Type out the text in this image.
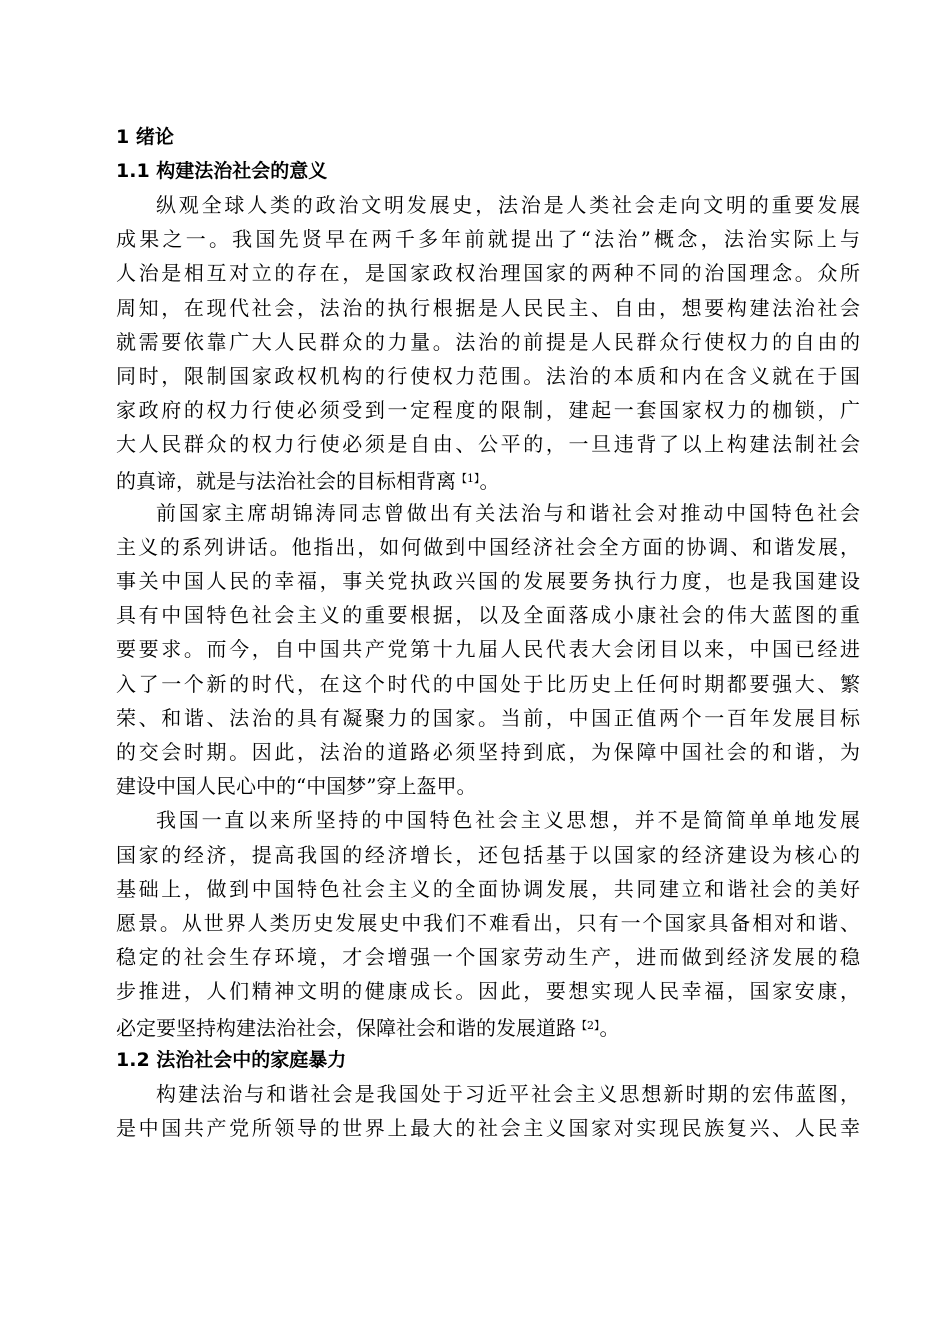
1 绪论
1.1 构建法治社会的意义
纵观全球人类的政治文明发展史，法治是人类社会走向文明的重要发展
成果之一。我国先贤早在两千多年前就提出了“法治”概念，法治实际上与
人治是相互对立的存在，是国家政权治理国家的两种不同的治国理念。众所
周知，在现代社会，法治的执行根据是人民民主、自由，想要构建法治社会
就需要依靠广大人民群众的力量。法治的前提是人民群众行使权力的自由的
同时，限制国家政权机构的行使权力范围。法治的本质和内在含义就在于国
家政府的权力行使必须受到一定程度的限制，建起一套国家权力的枷锁，广
大人民群众的权力行使必须是自由、公平的，一旦违背了以上构建法制社会
的真谛，就是与法治社会的目标相背离$^{【1】}$。
前国家主席胡锦涛同志曾做出有关法治与和谐社会对推动中国特色社会
主义的系列讲话。他指出，如何做到中国经济社会全方面的协调、和谐发展，
事关中国人民的幸福，事关党执政兴国的发展要务执行力度，也是我国建设
具有中国特色社会主义的重要根据，以及全面落成小康社会的伟大蓝图的重
要要求。而今，自中国共产党第十九届人民代表大会闭目以来，中国已经进
入了一个新的时代，在这个时代的中国处于比历史上任何时期都要强大、繁
荣、和谐、法治的具有凝聚力的国家。当前，中国正值两个一百年发展目标
的交会时期。因此，法治的道路必须坚持到底，为保障中国社会的和谐，为
建设中国人民心中的“中国梦”穿上盔甲。
我国一直以来所坚持的中国特色社会主义思想，并不是简简单单地发展
国家的经济，提高我国的经济增长，还包括基于以国家的经济建设为核心的
基础上，做到中国特色社会主义的全面协调发展，共同建立和谐社会的美好
愿景。从世界人类历史发展史中我们不难看出，只有一个国家具备相对和谐、
稳定的社会生存环境，才会增强一个国家劳动生产，进而做到经济发展的稳
步推进，人们精神文明的健康成长。因此，要想实现人民幸福，国家安康，
必定要坚持构建法治社会，保障社会和谐的发展道路$^{【2】}$。
1.2 法治社会中的家庭暴力
构建法治与和谐社会是我国处于习近平社会主义思想新时期的宏伟蓝图，
是中国共产党所领导的世界上最大的社会主义国家对实现民族复兴、人民幸
